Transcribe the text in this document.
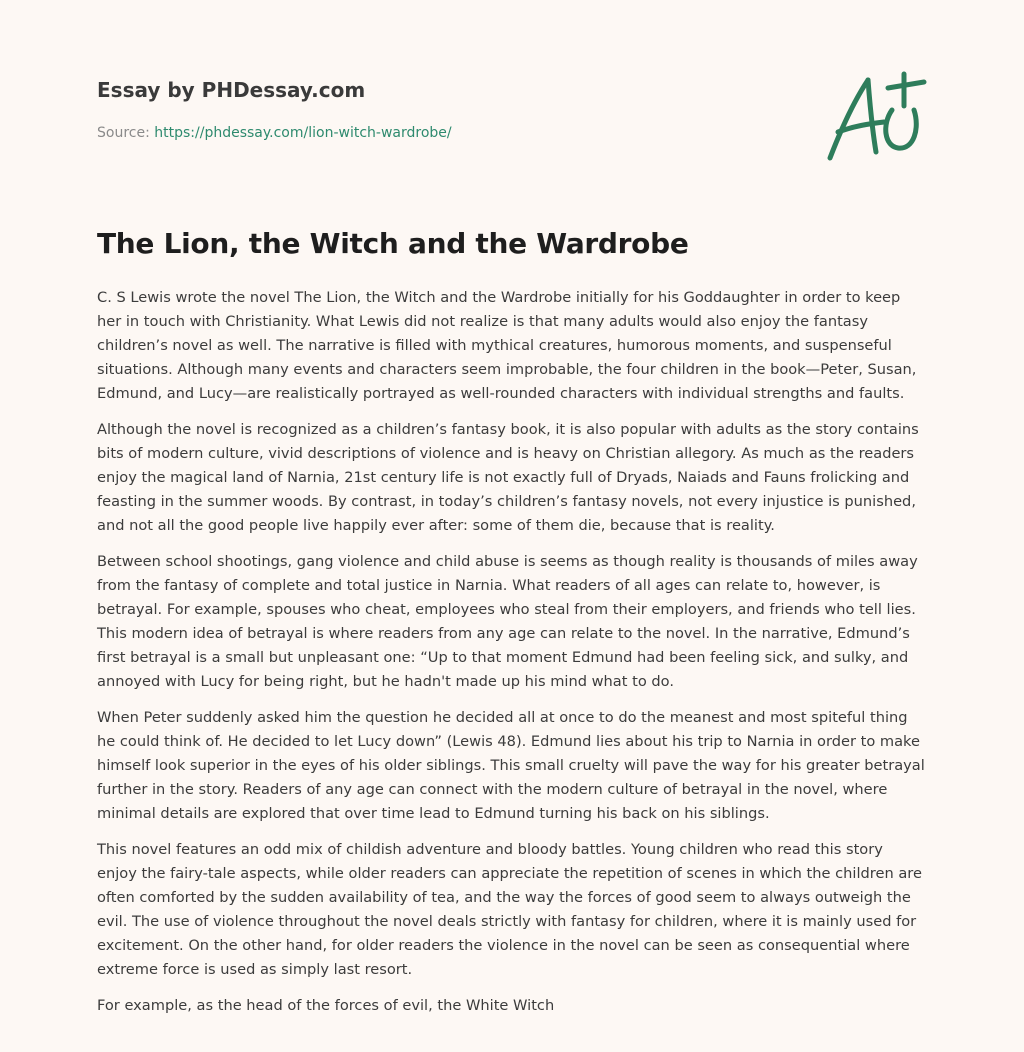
Essay by PHDessay.com
Source: https://phdessay.com/lion-witch-wardrobe/
The Lion, the Witch and the Wardrobe

C. S Lewis wrote the novel The Lion, the Witch and the Wardrobe initially for his Goddaughter in order to keep her in touch with Christianity. What Lewis did not realize is that many adults would also enjoy the fantasy children’s novel as well. The narrative is filled with mythical creatures, humorous moments, and suspenseful situations. Although many events and characters seem improbable, the four children in the book—Peter, Susan, Edmund, and Lucy—are realistically portrayed as well-rounded characters with individual strengths and faults.

Although the novel is recognized as a children’s fantasy book, it is also popular with adults as the story contains bits of modern culture, vivid descriptions of violence and is heavy on Christian allegory. As much as the readers enjoy the magical land of Narnia, 21st century life is not exactly full of Dryads, Naiads and Fauns frolicking and feasting in the summer woods. By contrast, in today’s children’s fantasy novels, not every injustice is punished, and not all the good people live happily ever after: some of them die, because that is reality.

Between school shootings, gang violence and child abuse is seems as though reality is thousands of miles away from the fantasy of complete and total justice in Narnia. What readers of all ages can relate to, however, is betrayal. For example, spouses who cheat, employees who steal from their employers, and friends who tell lies. This modern idea of betrayal is where readers from any age can relate to the novel. In the narrative, Edmund’s first betrayal is a small but unpleasant one: “Up to that moment Edmund had been feeling sick, and sulky, and annoyed with Lucy for being right, but he hadn't made up his mind what to do.

When Peter suddenly asked him the question he decided all at once to do the meanest and most spiteful thing he could think of. He decided to let Lucy down” (Lewis 48). Edmund lies about his trip to Narnia in order to make himself look superior in the eyes of his older siblings. This small cruelty will pave the way for his greater betrayal further in the story. Readers of any age can connect with the modern culture of betrayal in the novel, where minimal details are explored that over time lead to Edmund turning his back on his siblings.

This novel features an odd mix of childish adventure and bloody battles. Young children who read this story enjoy the fairy-tale aspects, while older readers can appreciate the repetition of scenes in which the children are often comforted by the sudden availability of tea, and the way the forces of good seem to always outweigh the evil. The use of violence throughout the novel deals strictly with fantasy for children, where it is mainly used for excitement. On the other hand, for older readers the violence in the novel can be seen as consequential where extreme force is used as simply last resort.

For example, as the head of the forces of evil, the White Witch
